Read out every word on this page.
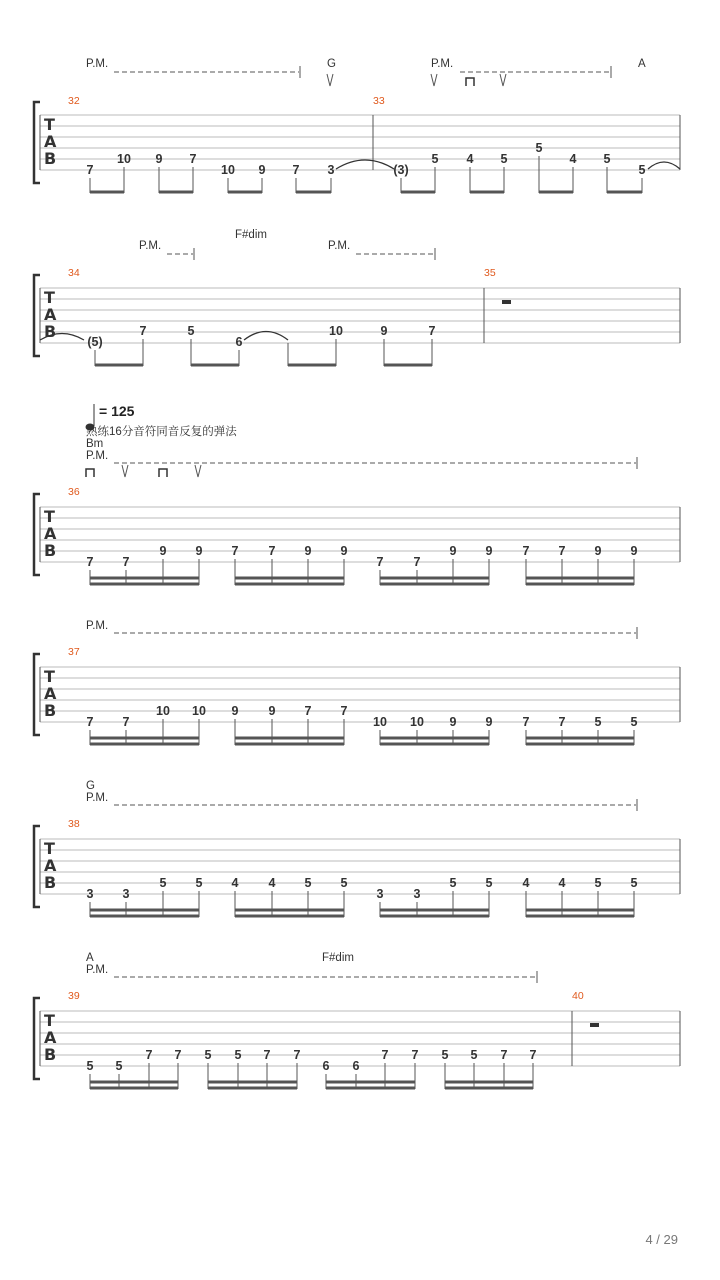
P.M.	G	P.M.	A
32	33
T
A
B
7
10 9 7
10 9 7 3	(3)
5 4 5
5
4 5
5
P.M.
F#dim
P.M.
34	35
T
A
B
(5)
7	5
6
10	9	7
= 125
熟练16分音符同音反复的弹法
Bm
P.M.
36
T
A
B
7 7
9 9 7 7 9 9
7 7
9 9 7 7 9 9
P.M.
37
T
A
B
7 7
10 10 9 9 7 7
10 10 9 9 7 7 5 5
G
P.M.
38
T
A
B
3 3
5 5 4 4 5 5
3 3
5 5 4 4 5 5
A	F#dim
P.M.
39	40
T
A
B
5 5
7 7 5 5 7 7
6 6
7 7 5 5 7 7
4 / 29
